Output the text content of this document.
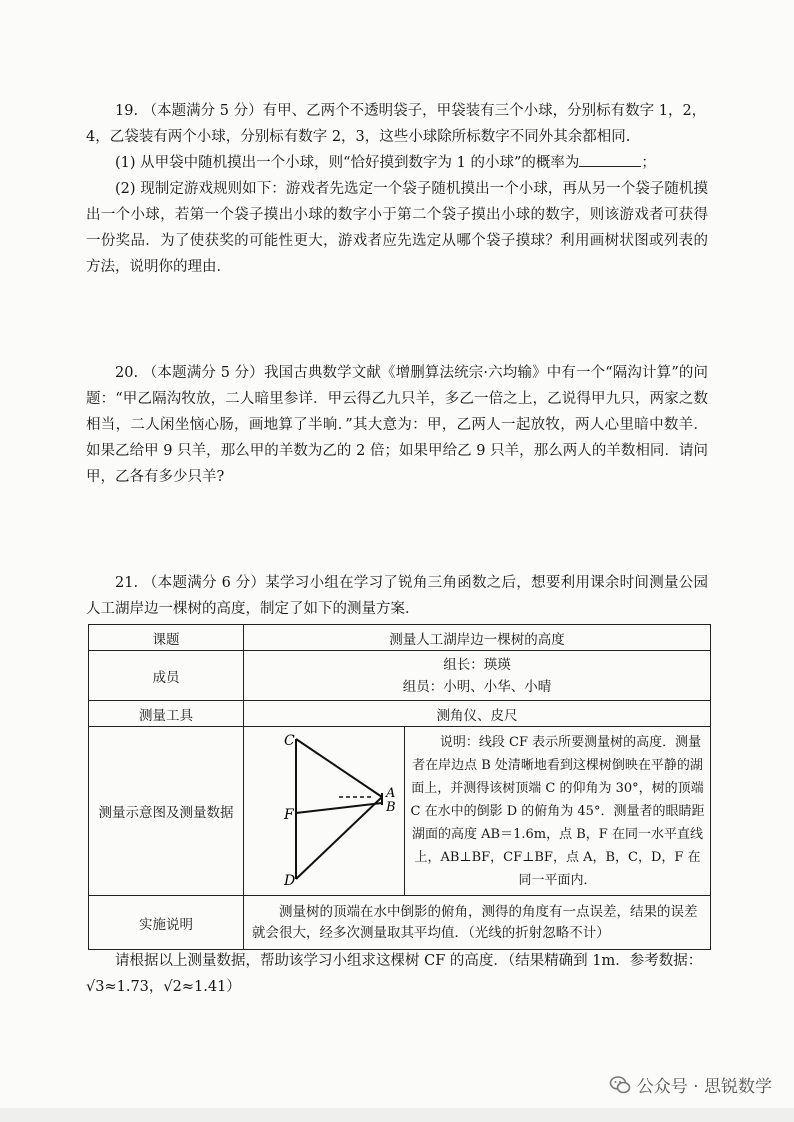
19. （本题满分 5 分）有甲、乙两个不透明袋子，甲袋装有三个小球，分别标有数字 1，2，

4，乙袋装有两个小球，分别标有数字 2，3，这些小球除所标数字不同外其余都相同.

(1) 从甲袋中随机摸出一个小球，则“恰好摸到数字为 1 的小球”的概率为	；

(2) 现制定游戏规则如下：游戏者先选定一个袋子随机摸出一个小球，再从另一个袋子随机摸出一个小球，若第一个袋子摸出小球的数字小于第二个袋子摸出小球的数字，则该游戏者可获得一份奖品．为了使获奖的可能性更大，游戏者应先选定从哪个袋子摸球？利用画树状图或列表的方法，说明你的理由．

20. （本题满分 5 分）我国古典数学文献《增删算法统宗·六均输》中有一个“隔沟计算”的问题：“甲乙隔沟牧放，二人暗里参详．甲云得乙九只羊，多乙一倍之上，乙说得甲九只，两家之数相当，二人闲坐恼心肠，画地算了半晌．”其大意为：甲，乙两人一起放牧，两人心里暗中数羊．如果乙给甲 9 只羊，那么甲的羊数为乙的 2 倍；如果甲给乙 9 只羊，那么两人的羊数相同．请问甲，乙各有多少只羊?

21. （本题满分 6 分）某学习小组在学习了锐角三角函数之后，想要利用课余时间测量公园人工湖岸边一棵树的高度，制定了如下的测量方案．

课题	测量人工湖岸边一棵树的高度	
成员	组长：瑛瑛
组员：小明、小华、小晴	

测量工具	测角仪、皮尺	
测量示意图及测量数据	C
F
D
A
B	说明：线段 CF 表示所要测量树的高度．测量者在岸边点 B 处清晰地看到这棵树倒映在平静的湖面上，并测得该树顶端 C 的仰角为 30°，树的顶端 C 在水中的倒影 D 的俯角为 45°．测量者的眼睛距湖面的高度 AB＝1.6m，点 B，F 在同一水平直线上，AB⊥BF，CF⊥BF，点 A，B，C，D，F 在同一平面内．

实施说明	测量树的顶端在水中倒影的俯角，测得的角度有一点误差，结果的误差就会很大，经多次测量取其平均值．（光线的折射忽略不计）	

请根据以上测量数据，帮助该学习小组求这棵树 CF 的高度．（结果精确到 1m．参考数据：

√3≈1.73，√2≈1.41）

公众号 · 思锐数学
